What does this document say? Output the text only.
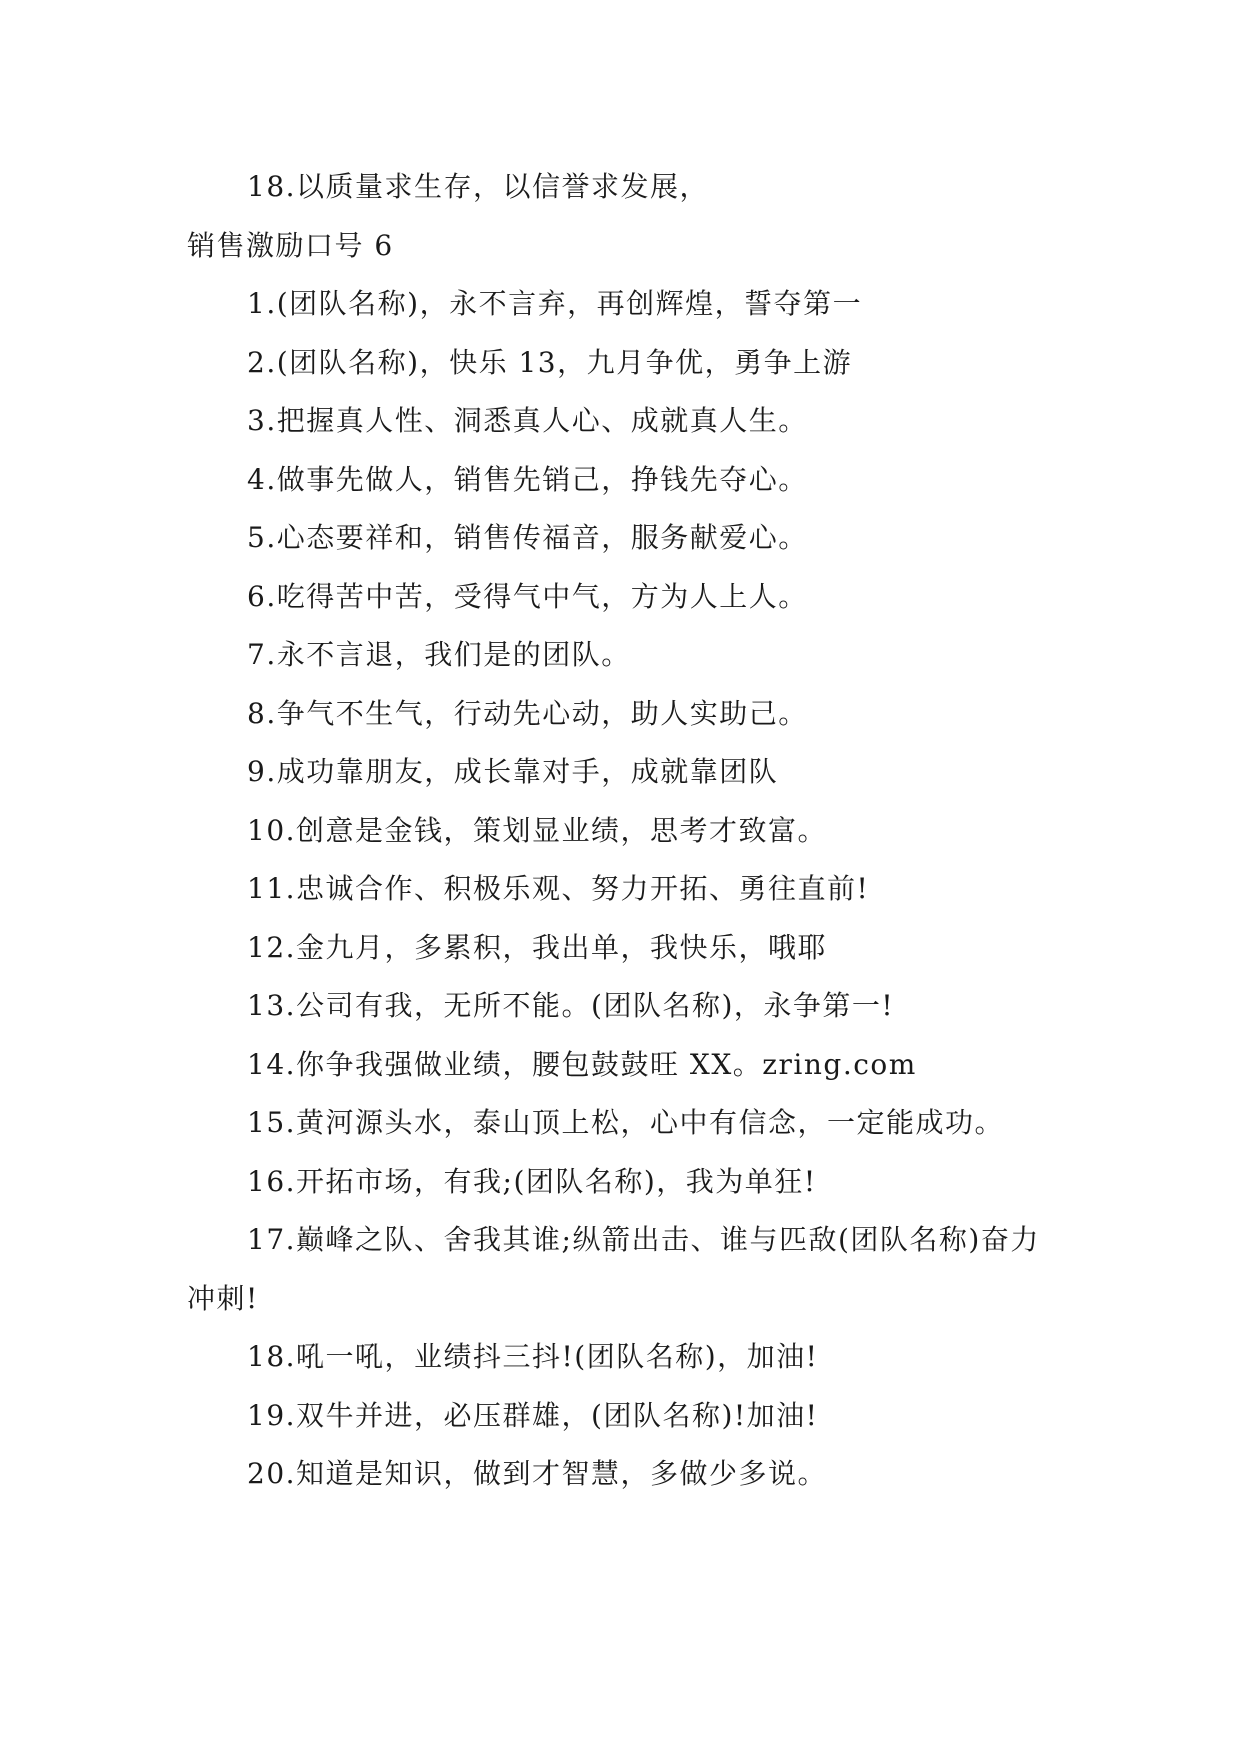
18.以质量求生存，以信誉求发展，

销售激励口号 6

1.(团队名称)，永不言弃，再创辉煌，誓夺第一

2.(团队名称)，快乐 13，九月争优，勇争上游

3.把握真人性、洞悉真人心、成就真人生。

4.做事先做人，销售先销己，挣钱先夺心。

5.心态要祥和，销售传福音，服务献爱心。

6.吃得苦中苦，受得气中气，方为人上人。

7.永不言退，我们是的团队。

8.争气不生气，行动先心动，助人实助己。

9.成功靠朋友，成长靠对手，成就靠团队

10.创意是金钱，策划显业绩，思考才致富。

11.忠诚合作、积极乐观、努力开拓、勇往直前!

12.金九月，多累积，我出单，我快乐，哦耶

13.公司有我，无所不能。(团队名称)，永争第一!

14.你争我强做业绩，腰包鼓鼓旺 XX。zring.com

15.黄河源头水，泰山顶上松，心中有信念，一定能成功。

16.开拓市场，有我;(团队名称)，我为单狂!

17.巅峰之队、舍我其谁;纵箭出击、谁与匹敌(团队名称)奋力冲刺!

18.吼一吼，业绩抖三抖!(团队名称)，加油!

19.双牛并进，必压群雄，(团队名称)!加油!

20.知道是知识，做到才智慧，多做少多说。
